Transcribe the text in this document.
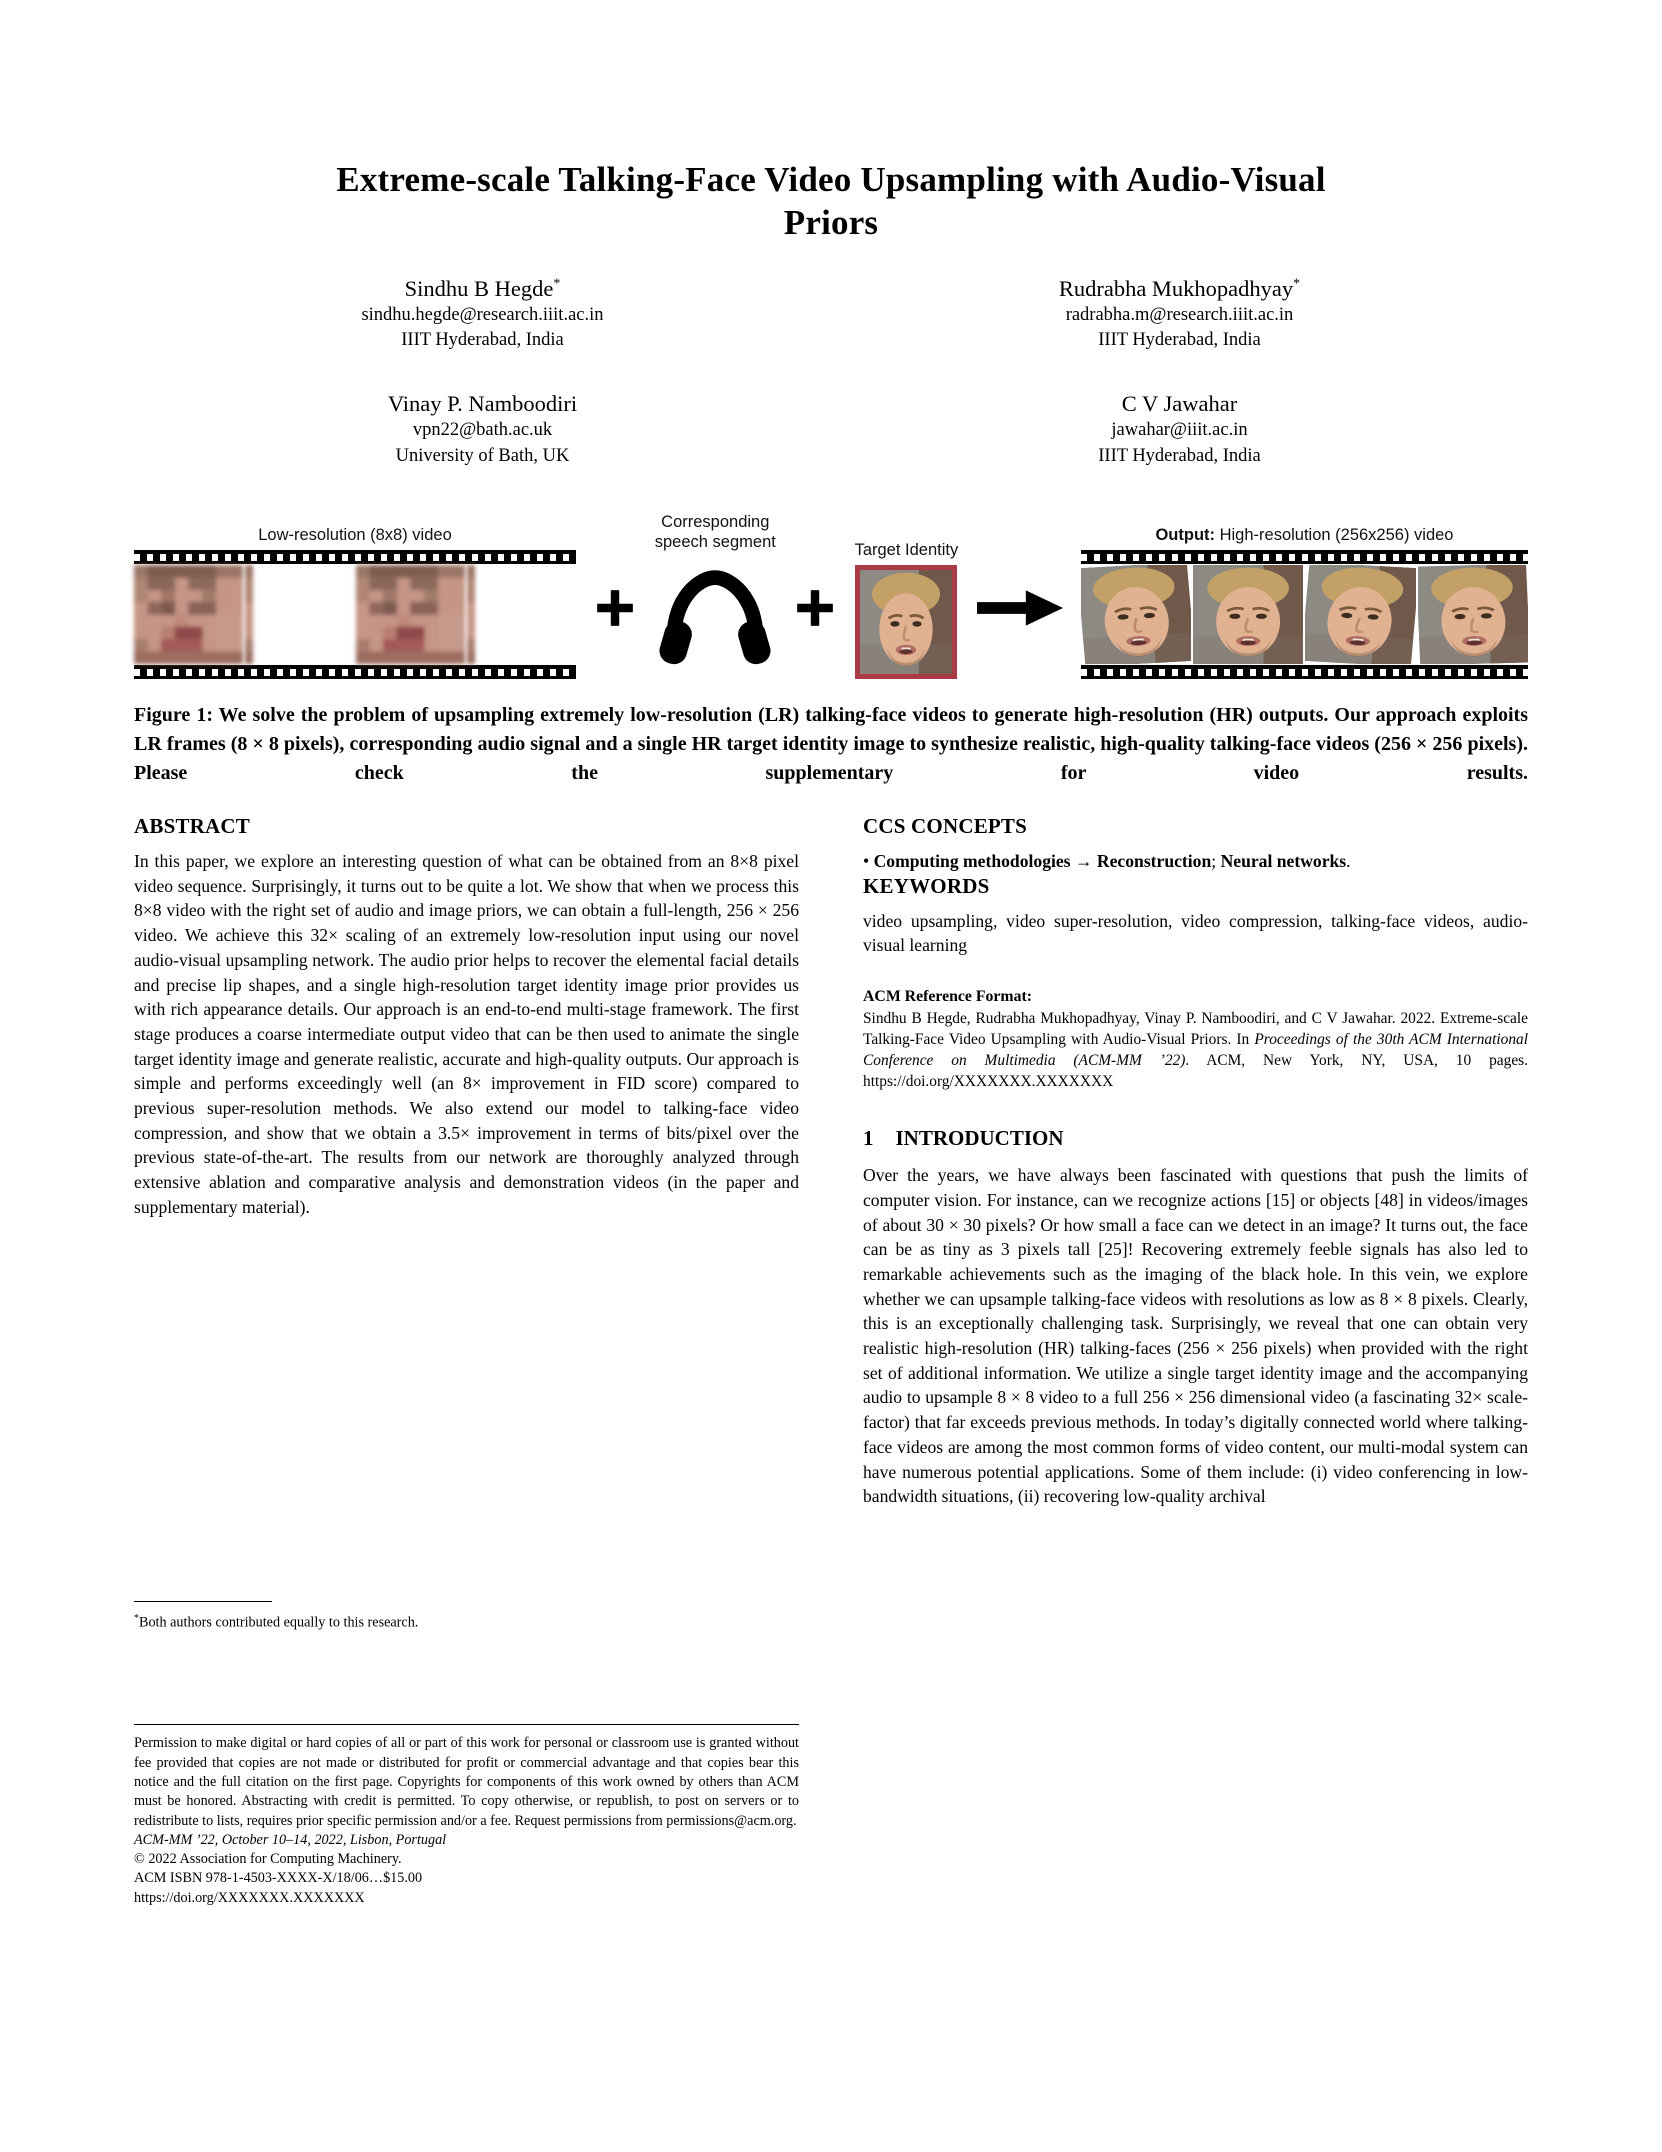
Extreme-scale Talking-Face Video Upsampling with Audio-Visual
Priors
Sindhu B Hegde*
sindhu.hegde@research.iiit.ac.in
IIIT Hyderabad, India
Rudrabha Mukhopadhyay*
radrabha.m@research.iiit.ac.in
IIIT Hyderabad, India
Vinay P. Namboodiri
vpn22@bath.ac.uk
University of Bath, UK
C V Jawahar
jawahar@iiit.ac.in
IIIT Hyderabad, India
Low-resolution (8x8) video
Corresponding
speech segment	Target Identity
Output: High-resolution (256x256) video
Figure 1: We solve the problem of upsampling extremely low-resolution (LR) talking-face videos to generate high-resolution (HR) outputs. Our approach exploits LR frames (8 × 8 pixels), corresponding audio signal and a single HR target identity image to synthesize realistic, high-quality talking-face videos (256 × 256 pixels). Please check the supplementary for video results.
ABSTRACT

In this paper, we explore an interesting question of what can be obtained from an 8×8 pixel video sequence. Surprisingly, it turns out to be quite a lot. We show that when we process this 8×8 video with the right set of audio and image priors, we can obtain a full-length, 256 × 256 video. We achieve this 32× scaling of an extremely low-resolution input using our novel audio-visual upsampling network. The audio prior helps to recover the elemental facial details and precise lip shapes, and a single high-resolution target identity image prior provides us with rich appearance details. Our approach is an end-to-end multi-stage framework. The first stage produces a coarse intermediate output video that can be then used to animate the single target identity image and generate realistic, accurate and high-quality outputs. Our approach is simple and performs exceedingly well (an 8× improvement in FID score) compared to previous super-resolution methods. We also extend our model to talking-face video compression, and show that we obtain a 3.5× improvement in terms of bits/pixel over the previous state-of-the-art. The results from our network are thoroughly analyzed through extensive ablation and comparative analysis and demonstration videos (in the paper and supplementary material).

*Both authors contributed equally to this research.

Permission to make digital or hard copies of all or part of this work for personal or classroom use is granted without fee provided that copies are not made or distributed for profit or commercial advantage and that copies bear this notice and the full citation on the first page. Copyrights for components of this work owned by others than ACM must be honored. Abstracting with credit is permitted. To copy otherwise, or republish, to post on servers or to redistribute to lists, requires prior specific permission and/or a fee. Request permissions from permissions@acm.org.

ACM-MM ’22, October 10–14, 2022, Lisbon, Portugal

© 2022 Association for Computing Machinery.

ACM ISBN 978-1-4503-XXXX-X/18/06…$15.00

https://doi.org/XXXXXXX.XXXXXXX

CCS CONCEPTS

• Computing methodologies → Reconstruction; Neural networks.

KEYWORDS

video upsampling, video super-resolution, video compression, talking-face videos, audio-visual learning

ACM Reference Format:

Sindhu B Hegde, Rudrabha Mukhopadhyay, Vinay P. Namboodiri, and C V Jawahar. 2022. Extreme-scale Talking-Face Video Upsampling with Audio-Visual Priors. In Proceedings of the 30th ACM International Conference on Multimedia (ACM-MM ’22). ACM, New York, NY, USA, 10 pages. https://doi.org/XXXXXXX.XXXXXXX

1 INTRODUCTION

Over the years, we have always been fascinated with questions that push the limits of computer vision. For instance, can we recognize actions [15] or objects [48] in videos/images of about 30 × 30 pixels? Or how small a face can we detect in an image? It turns out, the face can be as tiny as 3 pixels tall [25]! Recovering extremely feeble signals has also led to remarkable achievements such as the imaging of the black hole. In this vein, we explore whether we can upsample talking-face videos with resolutions as low as 8 × 8 pixels. Clearly, this is an exceptionally challenging task. Surprisingly, we reveal that one can obtain very realistic high-resolution (HR) talking-faces (256 × 256 pixels) when provided with the right set of additional information. We utilize a single target identity image and the accompanying audio to upsample 8 × 8 video to a full 256 × 256 dimensional video (a fascinating 32× scale-factor) that far exceeds previous methods. In today’s digitally connected world where talking-face videos are among the most common forms of video content, our multi-modal system can have numerous potential applications. Some of them include: (i) video conferencing in low-bandwidth situations, (ii) recovering low-quality archival
